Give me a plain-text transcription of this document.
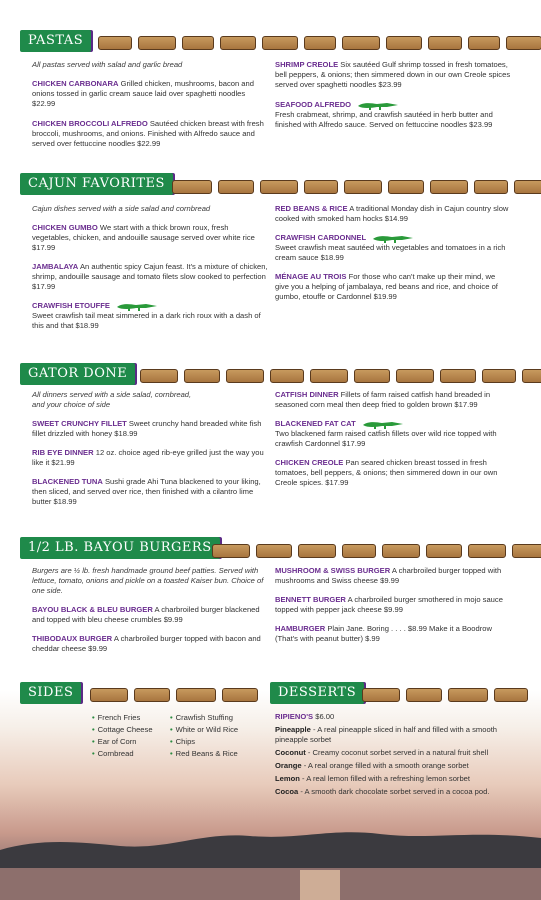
PASTAS
All pastas served with salad and garlic bread
CHICKEN CARBONARA Grilled chicken, mushrooms, bacon and onions tossed in garlic cream sauce laid over spaghetti noodles $22.99
CHICKEN BROCCOLI ALFREDO Sautéed chicken breast with fresh broccoli, mushrooms, and onions. Finished with Alfredo sauce and served over fettuccine noodles $22.99
SHRIMP CREOLE Six sautéed Gulf shrimp tossed in fresh tomatoes, bell peppers, & onions; then simmered down in our own Creole spices served over spaghetti noodles $23.99
SEAFOOD ALFREDO
Fresh crabmeat, shrimp, and crawfish sautéed in herb butter and finished with Alfredo sauce. Served on fettuccine noodles $23.99
CAJUN FAVORITES
Cajun dishes served with a side salad and cornbread
CHICKEN GUMBO We start with a thick brown roux, fresh vegetables, chicken, and andouille sausage served over white rice $17.99
JAMBALAYA An authentic spicy Cajun feast. It's a mixture of chicken, shrimp, andouille sausage and tomato filets slow cooked to perfection $17.99
CRAWFISH ETOUFFE
Sweet crawfish tail meat simmered in a dark rich roux with a dash of this and that $18.99
RED BEANS & RICE A traditional Monday dish in Cajun country slow cooked with smoked ham hocks $14.99
CRAWFISH CARDONNEL
Sweet crawfish meat sautéed with vegetables and tomatoes in a rich cream sauce $18.99
MÉNAGE AU TROIS For those who can't make up their mind, we give you a helping of jambalaya, red beans and rice, and choice of gumbo, etouffe or Cardonnel $19.99
GATOR DONE
All dinners served with a side salad, cornbread,
and your choice of side
SWEET CRUNCHY FILLET Sweet crunchy hand breaded white fish fillet drizzled with honey $18.99
RIB EYE DINNER 12 oz. choice aged rib-eye grilled just the way you like it $21.99
BLACKENED TUNA Sushi grade Ahi Tuna blackened to your liking, then sliced, and served over rice, then finished with a cilantro lime butter $18.99
CATFISH DINNER Fillets of farm raised catfish hand breaded in seasoned corn meal then deep fried to golden brown $17.99
BLACKENED FAT CAT
Two blackened farm raised catfish fillets over wild rice topped with crawfish Cardonnel $17.99
CHICKEN CREOLE Pan seared chicken breast tossed in fresh tomatoes, bell peppers, & onions; then simmered down in our own Creole spices. $17.99
1/2 LB. BAYOU BURGERS
Burgers are ½ lb. fresh handmade ground beef patties. Served with lettuce, tomato, onions and pickle on a toasted Kaiser bun. Choice of one side.
BAYOU BLACK & BLEU BURGER A charbroiled burger blackened and topped with bleu cheese crumbles $9.99
THIBODAUX BURGER A charbroiled burger topped with bacon and cheddar cheese $9.99
MUSHROOM & SWISS BURGER A charbroiled burger topped with mushrooms and Swiss cheese $9.99
BENNETT BURGER A charbroiled burger smothered in mojo sauce topped with pepper jack cheese $9.99
HAMBURGER Plain Jane. Boring . . . . $8.99 Make it a Boodrow (That's with peanut butter) $.99
SIDES
• French Fries
• Cottage Cheese
• Ear of Corn
• Cornbread
• Crawfish Stuffing
• White or Wild Rice
• Chips
• Red Beans & Rice
DESSERTS
RIPIENO'S $6.00
Pineapple - A real pineapple sliced in half and filled with a smooth pineapple sorbet
Coconut - Creamy coconut sorbet served in a natural fruit shell
Orange - A real orange filled with a smooth orange sorbet
Lemon - A real lemon filled with a refreshing lemon sorbet
Cocoa - A smooth dark chocolate sorbet served in a cocoa pod.
